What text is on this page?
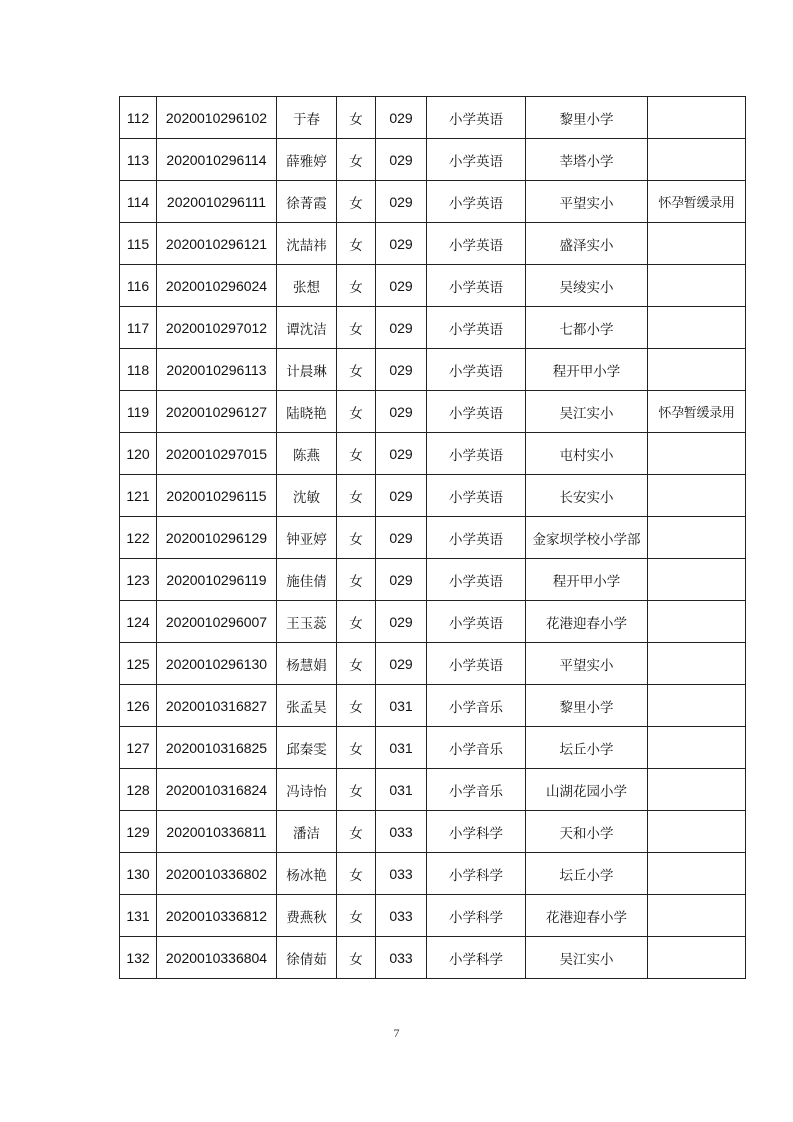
112	2020010296102	于春	女	029	小学英语	黎里小学	
113	2020010296114	薛雅婷	女	029	小学英语	莘塔小学	
114	2020010296111	徐菁霞	女	029	小学英语	平望实小	怀孕暂缓录用
115	2020010296121	沈喆祎	女	029	小学英语	盛泽实小	
116	2020010296024	张想	女	029	小学英语	吴绫实小	
117	2020010297012	谭沈洁	女	029	小学英语	七都小学	
118	2020010296113	计晨琳	女	029	小学英语	程开甲小学	
119	2020010296127	陆晓艳	女	029	小学英语	吴江实小	怀孕暂缓录用
120	2020010297015	陈燕	女	029	小学英语	屯村实小	
121	2020010296115	沈敏	女	029	小学英语	长安实小	
122	2020010296129	钟亚婷	女	029	小学英语	金家坝学校小学部	
123	2020010296119	施佳倩	女	029	小学英语	程开甲小学	
124	2020010296007	王玉蕊	女	029	小学英语	花港迎春小学	
125	2020010296130	杨慧娟	女	029	小学英语	平望实小	
126	2020010316827	张孟昊	女	031	小学音乐	黎里小学	
127	2020010316825	邱秦雯	女	031	小学音乐	坛丘小学	
128	2020010316824	冯诗怡	女	031	小学音乐	山湖花园小学	
129	2020010336811	潘洁	女	033	小学科学	天和小学	
130	2020010336802	杨冰艳	女	033	小学科学	坛丘小学	
131	2020010336812	费燕秋	女	033	小学科学	花港迎春小学	
132	2020010336804	徐倩茹	女	033	小学科学	吴江实小	
7
